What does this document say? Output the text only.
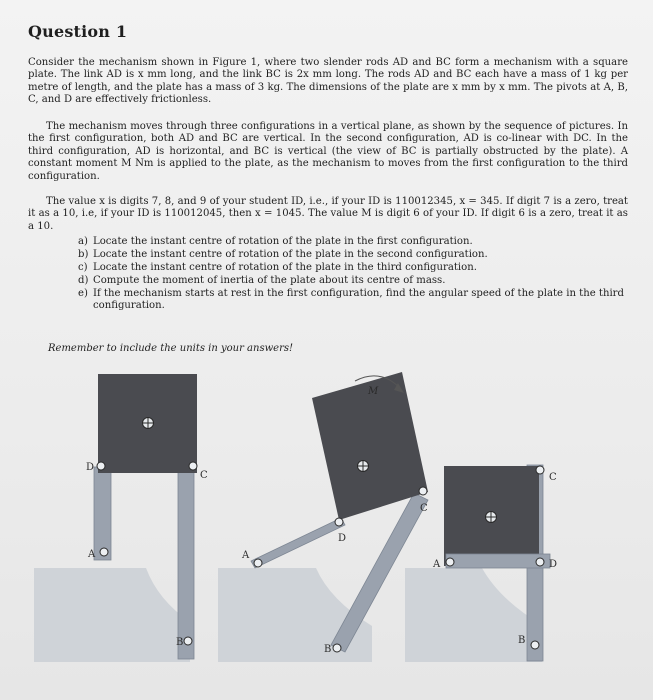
Question 1

Consider the mechanism shown in Figure 1, where two slender rods AD and BC form a mechanism with a square plate. The link AD is x mm long, and the link BC is 2x mm long. The rods AD and BC each have a mass of 1 kg per metre of length, and the plate has a mass of 3 kg. The dimensions of the plate are x mm by x mm. The pivots at A, B, C, and D are effectively frictionless.

The mechanism moves through three configurations in a vertical plane, as shown by the sequence of pictures. In the first configuration, both AD and BC are vertical. In the second configuration, AD is co-linear with DC. In the third configuration, AD is horizontal, and BC is vertical (the view of BC is partially obstructed by the plate). A constant moment M Nm is applied to the plate, as the mechanism to moves from the first configuration to the third configuration.

The value x is digits 7, 8, and 9 of your student ID, i.e., if your ID is 110012345, x = 345. If digit 7 is a zero, treat it as a 10, i.e, if your ID is 110012045, then x = 1045. The value M is digit 6 of your ID. If digit 6 is a zero, treat it as a 10.

a) Locate the instant centre of rotation of the plate in the first configuration.
b) Locate the instant centre of rotation of the plate in the second configuration.
c) Locate the instant centre of rotation of the plate in the third configuration.
d) Compute the moment of inertia of the plate about its centre of mass.
e) If the mechanism starts at rest in the first configuration, find the angular speed of the plate in the third configuration.

Remember to include the units in your answers!

D
C
A
B
M
D
C
A
B
C
A	D
B
